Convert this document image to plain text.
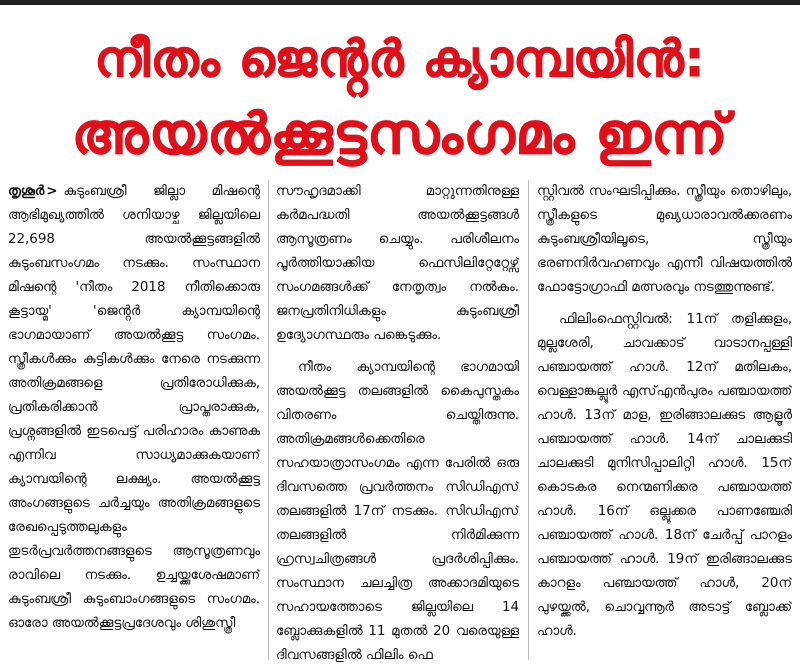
നീതം ജെൻ്റർ ക്യാമ്പയിൻ:
അയൽക്കൂട്ടസംഗമം ഇന്ന്

തൃശൂർ > കുടുംബശ്രീ ജില്ലാ മിഷന്റെ ആഭിമുഖ്യത്തിൽ ശനിയാഴ്ച ജില്ലയിലെ 22,698 അയൽക്കൂട്ടങ്ങളിൽ കുടുംബസംഗമം നടക്കും. സംസ്ഥാന മിഷന്റെ 'നീതം 2018 നീതിക്കൊരു കൂട്ടായ്മ' 'ജെൻ്റർ ക്യാമ്പയിന്റെ ഭാഗമായാണ് അയൽക്കൂട്ട സംഗമം. സ്ത്രീകൾക്കും കുട്ടികൾക്കും നേരെ നടക്കുന്ന അതിക്രമങ്ങളെ പ്രതിരോധിക്കുക, പ്രതികരിക്കാൻ പ്രാപ്തരാക്കുക, പ്രശ്നങ്ങളിൽ ഇടപെട്ട് പരിഹാരം കാണുക എന്നിവ സാധ്യമാക്കുകയാണ് ക്യാമ്പയിന്റെ ലക്ഷ്യം. അയൽക്കൂട്ട അംഗങ്ങളുടെ ചർച്ചയും അതിക്രമങ്ങളുടെ രേഖപ്പെടുത്തലുകളും തുടർപ്രവർത്തനങ്ങളുടെ ആസൂത്രണവും രാവിലെ നടക്കും. ഉച്ചയ്ക്കുശേഷമാണ് കുടുംബശ്രീ കുടുംബാംഗങ്ങളുടെ സംഗമം. ഓരോ അയൽക്കൂട്ടപ്രദേശവും ശിശുസ്ത്രീ

സൗഹൃദമാക്കി മാറ്റുന്നതിനുള്ള കർമപദ്ധതി അയൽക്കൂട്ടങ്ങൾ ആസൂത്രണം ചെയ്യും. പരിശീലനം പൂർത്തിയാക്കിയ ഫെസിലിറ്റേറ്റേഴ്സ് സംഗമങ്ങൾക്ക് നേതൃത്വം നൽകും. ജനപ്രതിനിധികളും കുടുംബശ്രീ ഉദ്യോഗസ്ഥരും പങ്കെടുക്കും.

നീതം ക്യാമ്പയിന്റെ ഭാഗമായി അയൽക്കൂട്ട തലങ്ങളിൽ കൈപുസ്തകം വിതരണം ചെയ്തിരുന്നു. അതിക്രമങ്ങൾക്കെതിരെ സഹയാത്രാസംഗമം എന്ന പേരിൽ ഒരു ദിവസത്തെ പ്രവർത്തനം സിഡിഎസ് തലങ്ങളിൽ 17ന് നടക്കും. സിഡിഎസ് തലങ്ങളിൽ നിർമിക്കുന്ന ഹ്രസ്വചിത്രങ്ങൾ പ്രദർശിപ്പിക്കും. സംസ്ഥാന ചലച്ചിത്ര അക്കാദമിയുടെ സഹായത്തോടെ ജില്ലയിലെ 14 ബ്ലോക്കുകളിൽ 11 മുതൽ 20 വരെയുള്ള ദിവസങ്ങളിൽ ഫിലിം ഫെ

സ്റ്റിവൽ സംഘടിപ്പിക്കും. സ്ത്രീയും തൊഴിലും, സ്ത്രീകളുടെ മുഖ്യധാരാവൽക്കരണം കുടുംബശ്രീയിലൂടെ, സ്ത്രീയും ഭരണനിർവഹണവും എന്നീ വിഷയത്തിൽ ഫോട്ടോഗ്രാഫി മത്സരവും നടത്തുന്നുണ്ട്.

ഫിലിംഫെസ്റ്റിവൽ: 11ന് തളിക്കുളം, മുല്ലശേരി, ചാവക്കാട് വാടാനപ്പള്ളി പഞ്ചായത്ത് ഹാൾ. 12ന് മതിലകം, വെള്ളാങ്കല്ലൂർ എസ്എൻപുരം പഞ്ചായത്ത് ഹാൾ. 13ന് മാള, ഇരിങ്ങാലക്കുട ആളൂർ പഞ്ചായത്ത് ഹാൾ. 14ന് ചാലക്കുടി ചാലക്കുടി മുനിസിപ്പാലിറ്റി ഹാൾ. 15ന് കൊടകര നെന്മണിക്കര പഞ്ചായത്ത് ഹാൾ. 16ന് ഒല്ലൂക്കര പാണഞ്ചേരി പഞ്ചായത്ത് ഹാൾ. 18ന് ചേർപ്പ് പാറളം പഞ്ചായത്ത് ഹാൾ. 19ന് ഇരിങ്ങാലക്കുട കാറളം പഞ്ചായത്ത് ഹാൾ, 20ന് പുഴയ്ക്കൽ, ചൊവ്വന്നൂർ അടാട്ട് ബ്ലോക്ക് ഹാൾ.
